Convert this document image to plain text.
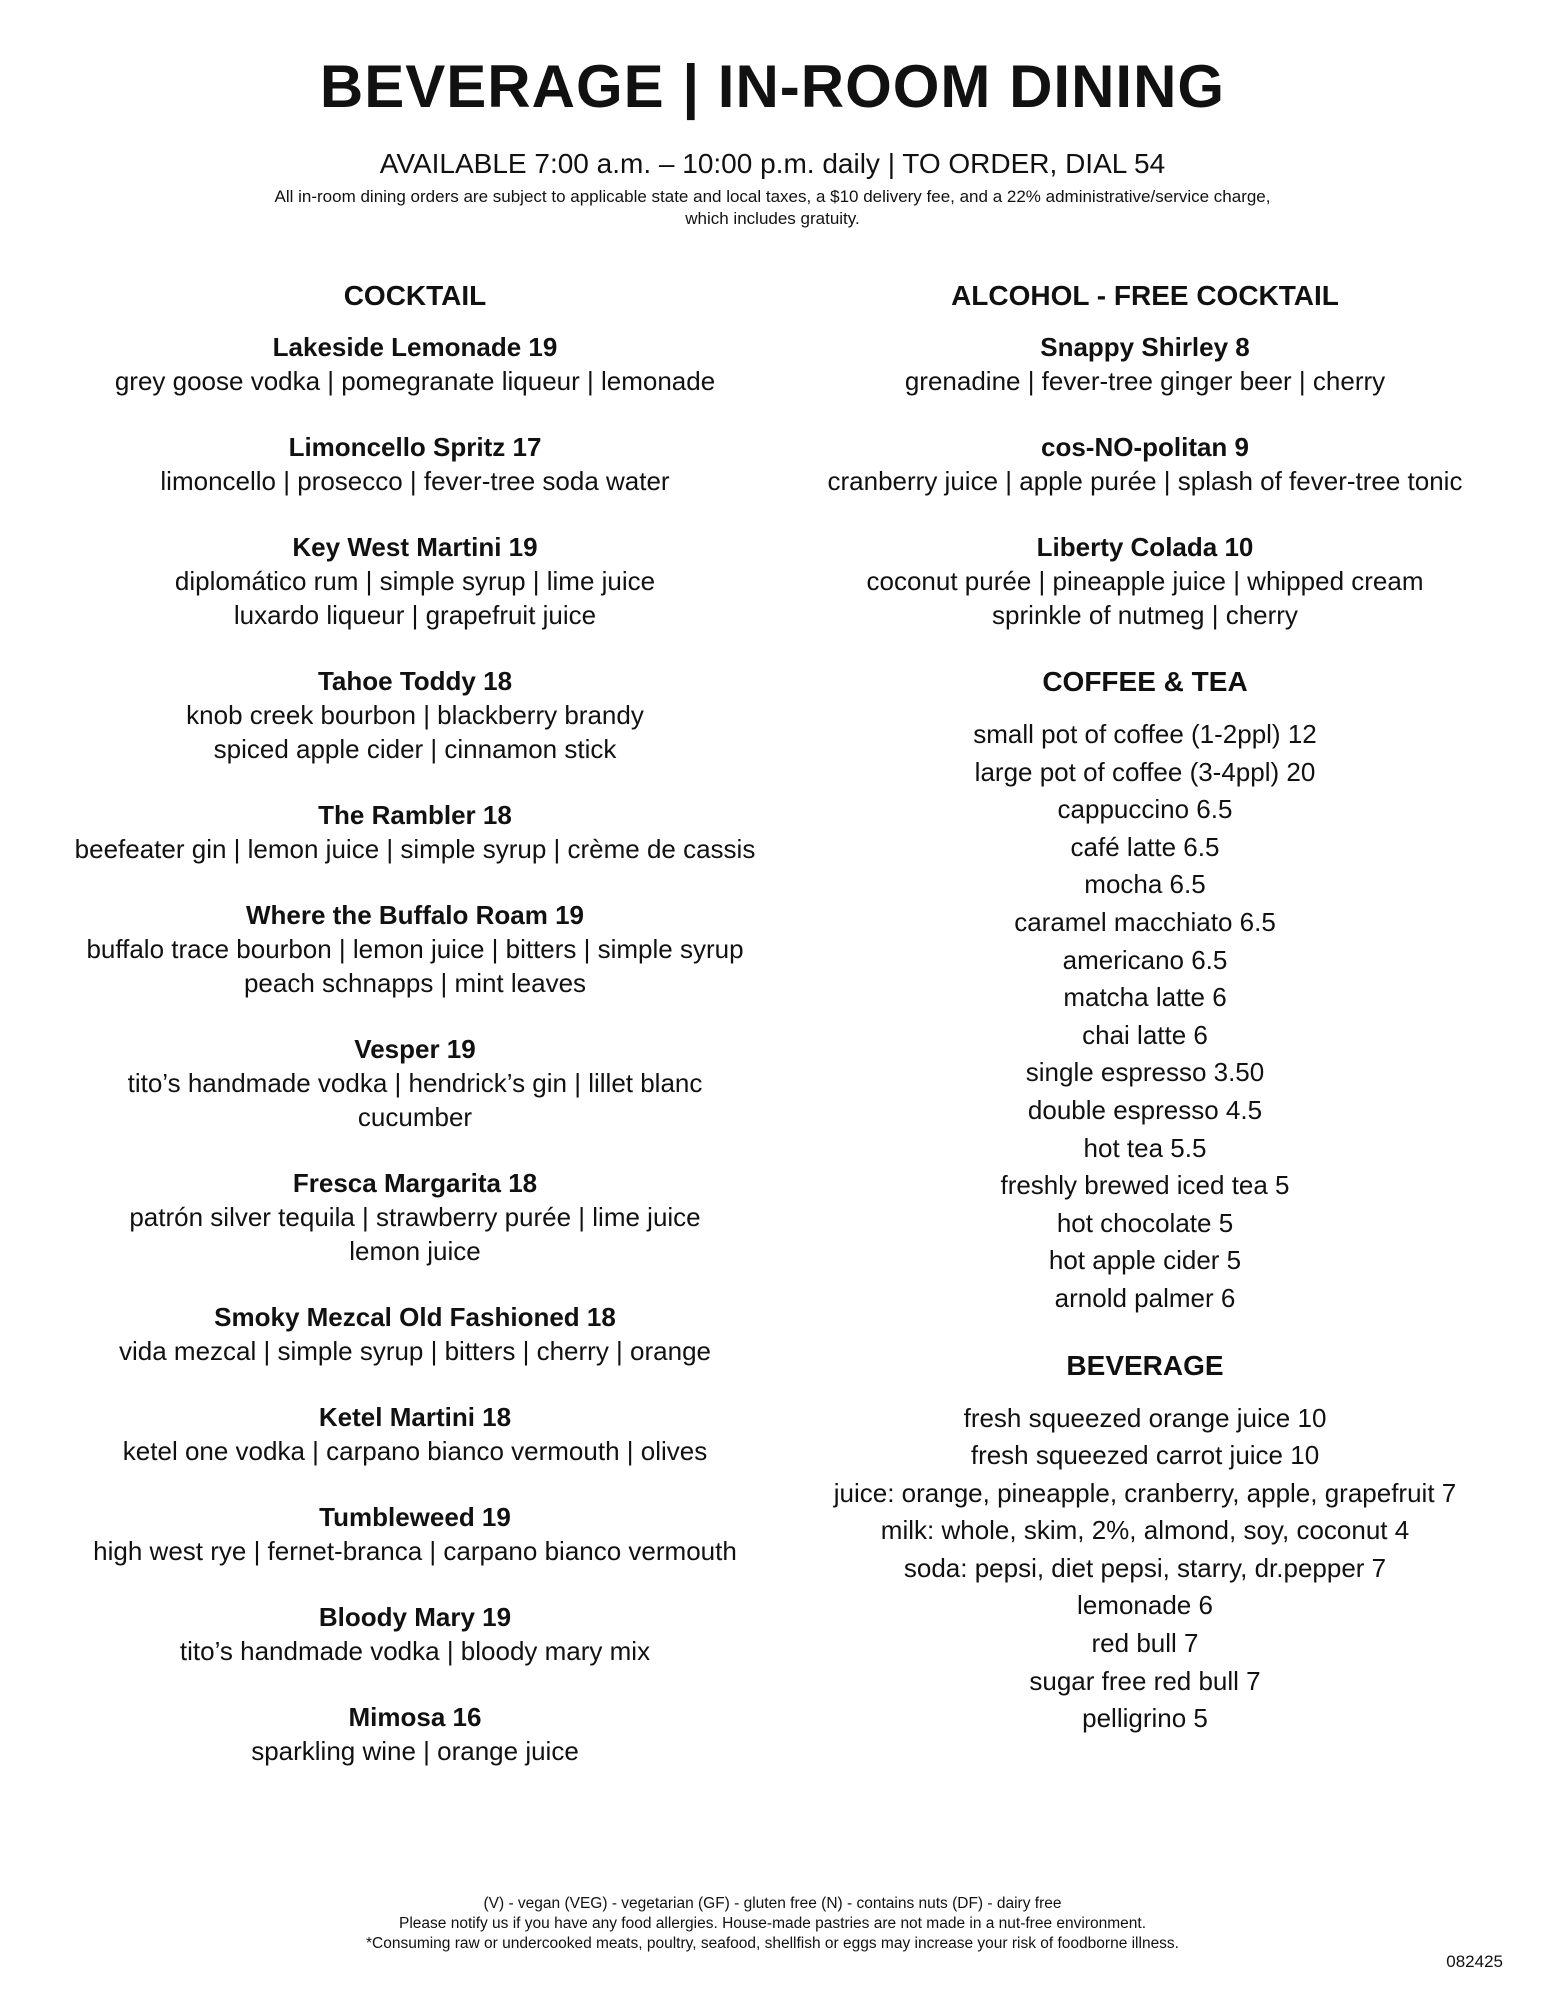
BEVERAGE | IN-ROOM DINING
AVAILABLE 7:00 a.m. – 10:00 p.m. daily | TO ORDER, DIAL 54
All in-room dining orders are subject to applicable state and local taxes, a $10 delivery fee, and a 22% administrative/service charge,
which includes gratuity.
COCKTAIL
Lakeside Lemonade 19
grey goose vodka | pomegranate liqueur | lemonade
Limoncello Spritz 17
limoncello | prosecco | fever-tree soda water
Key West Martini 19
diplomático rum | simple syrup | lime juice
luxardo liqueur | grapefruit juice
Tahoe Toddy 18
knob creek bourbon | blackberry brandy
spiced apple cider | cinnamon stick
The Rambler 18
beefeater gin | lemon juice | simple syrup | crème de cassis
Where the Buffalo Roam 19
buffalo trace bourbon | lemon juice | bitters | simple syrup
peach schnapps | mint leaves
Vesper 19
tito’s handmade vodka | hendrick’s gin | lillet blanc
cucumber
Fresca Margarita 18
patrón silver tequila | strawberry purée | lime juice
lemon juice
Smoky Mezcal Old Fashioned 18
vida mezcal | simple syrup | bitters | cherry | orange
Ketel Martini 18
ketel one vodka | carpano bianco vermouth | olives
Tumbleweed 19
high west rye | fernet-branca | carpano bianco vermouth
Bloody Mary 19
tito’s handmade vodka | bloody mary mix
Mimosa 16
sparkling wine | orange juice
ALCOHOL - FREE COCKTAIL
Snappy Shirley 8
grenadine | fever-tree ginger beer | cherry
cos-NO-politan 9
cranberry juice | apple purée | splash of fever-tree tonic
Liberty Colada 10
coconut purée | pineapple juice | whipped cream
sprinkle of nutmeg | cherry
COFFEE & TEA
small pot of coffee (1-2ppl) 12
large pot of coffee (3-4ppl) 20
cappuccino 6.5
café latte 6.5
mocha 6.5
caramel macchiato 6.5
americano 6.5
matcha latte 6
chai latte 6
single espresso 3.50
double espresso 4.5
hot tea 5.5
freshly brewed iced tea 5
hot chocolate 5
hot apple cider 5
arnold palmer 6
BEVERAGE
fresh squeezed orange juice 10
fresh squeezed carrot juice 10
juice: orange, pineapple, cranberry, apple, grapefruit 7
milk: whole, skim, 2%, almond, soy, coconut 4
soda: pepsi, diet pepsi, starry, dr.pepper 7
lemonade 6
red bull 7
sugar free red bull 7
pelligrino 5
(V) - vegan (VEG) - vegetarian (GF) - gluten free (N) - contains nuts (DF) - dairy free
Please notify us if you have any food allergies. House-made pastries are not made in a nut-free environment.
*Consuming raw or undercooked meats, poultry, seafood, shellfish or eggs may increase your risk of foodborne illness.
082425
